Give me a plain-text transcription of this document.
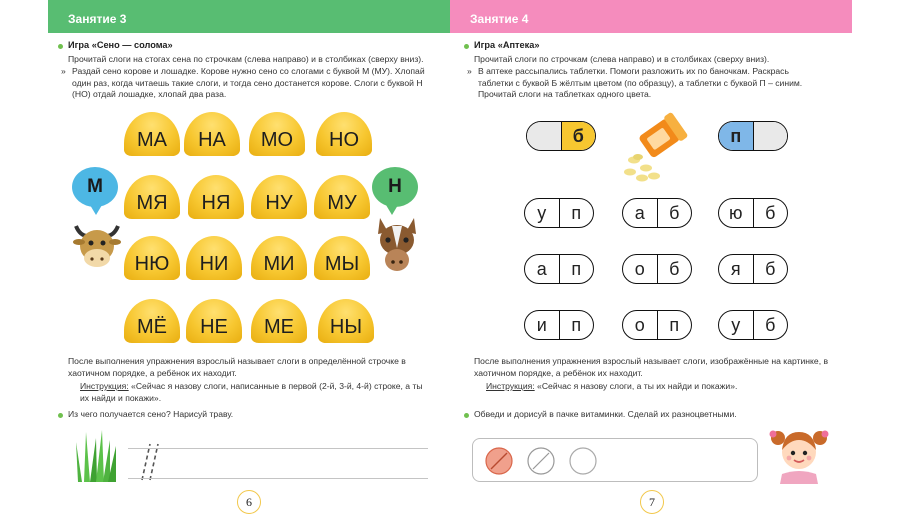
Занятие 3
Игра «Сено — солома»
Прочитай слоги на стогах сена по строчкам (слева направо) и в столбиках (сверху вниз).
» Раздай сено корове и лошадке. Корове нужно сено со слогами с буквой М (МУ). Хлопай один раз, когда читаешь такие слоги, и тогда сено достанется корове. Слоги с буквой Н (НО) отдай лошадке, хлопай два раза.
МА	НА	МО	НО
МЯ	НЯ	НУ	МУ
НЮ	НИ	МИ	МЫ
МЁ	НЕ	МЕ	НЫ
М	Н
После выполнения упражнения взрослый называет слоги в определённой строчке в хаотичном порядке, а ребёнок их находит.
Инструкция: «Сейчас я назову слоги, написанные в первой (2-й, 3-й, 4-й) строке, а ты их найди и покажи».
Из чего получается сено? Нарисуй траву.
6
Занятие 4
Игра «Аптека»
Прочитай слоги по строчкам (слева направо) и в столбиках (сверху вниз).
» В аптеке рассыпались таблетки. Помоги разложить их по баночкам. Раскрась таблетки с буквой Б жёлтым цветом (по образцу), а таблетки с буквой П – синим. Прочитай слоги на таблетках одного цвета.
б	п
у	п	а	б	ю	б
а	п	о	б	я	б
и	п	о	п	у	б
После выполнения упражнения взрослый называет слоги, изображённые на картинке, в хаотичном порядке, а ребёнок их находит.
Инструкция: «Сейчас я назову слоги, а ты их найди и покажи».
Обведи и дорисуй в пачке витаминки. Сделай их разноцветными.
7
